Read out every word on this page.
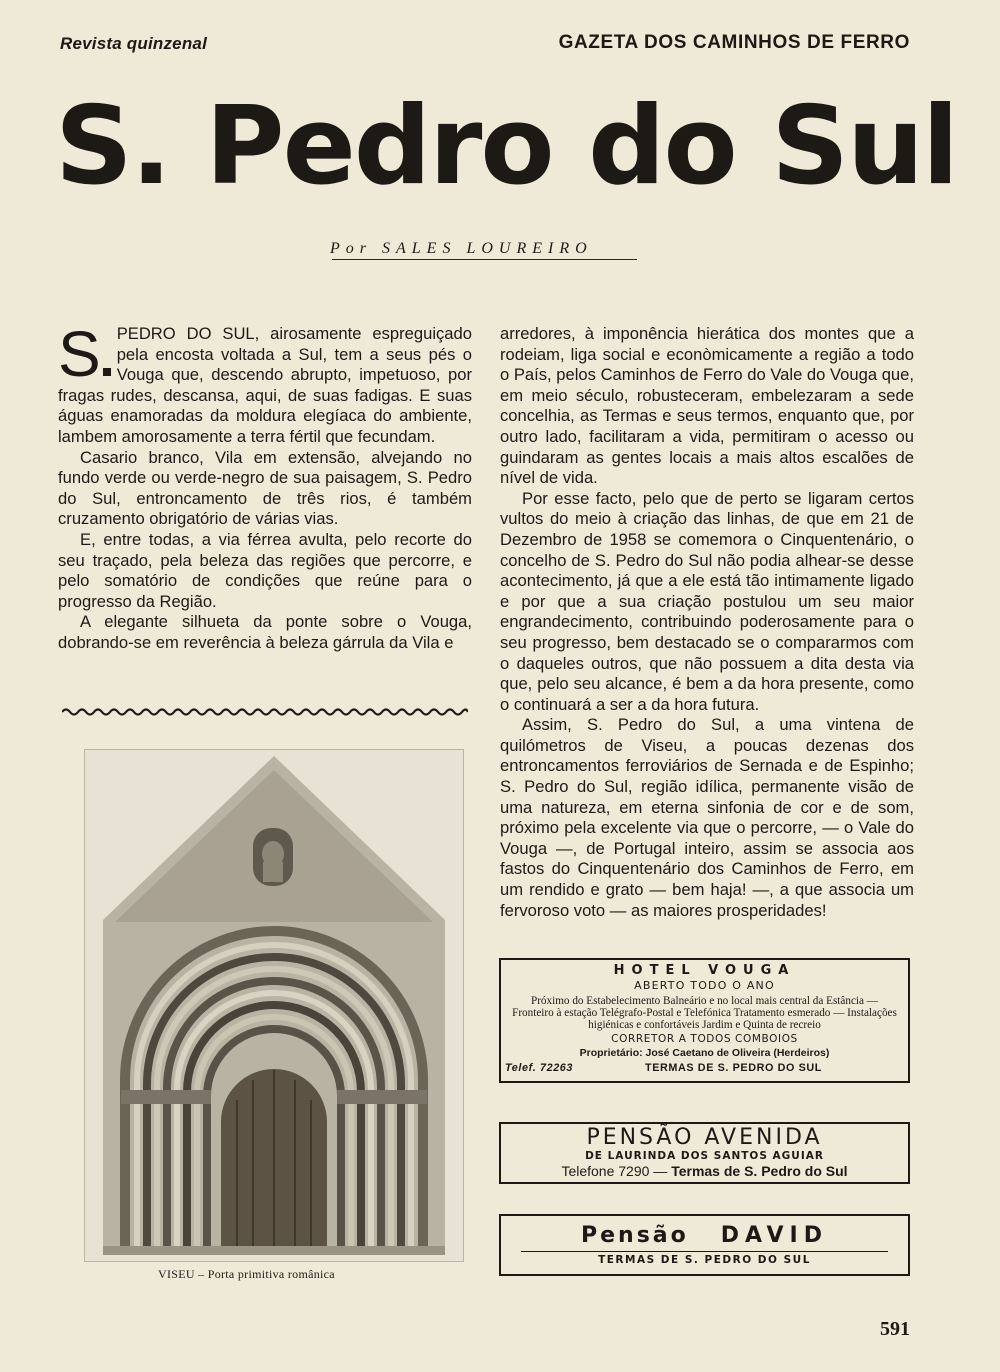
Revista quinzenal	GAZETA DOS CAMINHOS DE FERRO
S. Pedro do Sul
Por SALES LOUREIRO

SPEDRO DO SUL, airosamente espreguiçado pela encosta voltada a Sul, tem a seus pés o Vouga que, descendo abrupto, impetuoso, por fragas rudes, descansa, aqui, de suas fadigas. E suas águas enamoradas da moldura elegíaca do ambiente, lambem amorosamente a terra fértil que fecundam.

Casario branco, Vila em extensão, alvejando no fundo verde ou verde-negro de sua paisagem, S. Pedro do Sul, entroncamento de três rios, é também cruzamento obrigatório de várias vias.

E, entre todas, a via férrea avulta, pelo recorte do seu traçado, pela beleza das regiões que percorre, e pelo somatório de condições que reúne para o progresso da Região.

A elegante silhueta da ponte sobre o Vouga, dobrando-se em reverência à beleza gárrula da Vila e

arredores, à imponência hierática dos montes que a rodeiam, liga social e econòmicamente a região a todo o País, pelos Caminhos de Ferro do Vale do Vouga que, em meio século, robusteceram, embelezaram a sede concelhia, as Termas e seus termos, enquanto que, por outro lado, facilitaram a vida, permitiram o acesso ou guindaram as gentes locais a mais altos escalões de nível de vida.

Por esse facto, pelo que de perto se ligaram certos vultos do meio à criação das linhas, de que em 21 de Dezembro de 1958 se comemora o Cinquentenário, o concelho de S. Pedro do Sul não podia alhear-se desse acontecimento, já que a ele está tão intimamente ligado e por que a sua criação postulou um seu maior engrandecimento, contribuindo poderosamente para o seu progresso, bem destacado se o compararmos com o daqueles outros, que não possuem a dita desta via que, pelo seu alcance, é bem a da hora presente, como o continuará a ser a da hora futura.

Assim, S. Pedro do Sul, a uma vintena de quilómetros de Viseu, a poucas dezenas dos entroncamentos ferroviários de Sernada e de Espinho; S. Pedro do Sul, região idílica, permanente visão de uma natureza, em eterna sinfonia de cor e de som, próximo pela excelente via que o percorre, — o Vale do Vouga —, de Portugal inteiro, assim se associa aos fastos do Cinquentenário dos Caminhos de Ferro, em um rendido e grato — bem haja! —, a que associa um fervoroso voto — as maiores prosperidades!

VISEU – Porta primitiva românica
HOTEL VOUGA
ABERTO TODO O ANO
Próximo do Estabelecimento Balneário e no local mais central da Estância — Fronteiro à estação Telégrafo-Postal e Telefónica Tratamento esmerado — Instalações higiénicas e confortáveis Jardim e Quinta de recreio
CORRETOR A TODOS COMBOIOS
Proprietário: José Caetano de Oliveira (Herdeiros)
Telef. 72263	TERMAS DE S. PEDRO DO SUL
PENSÃO AVENIDA
DE LAURINDA DOS SANTOS AGUIAR
Telefone 7290 — Termas de S. Pedro do Sul
Pensão DAVID
TERMAS DE S. PEDRO DO SUL
591
